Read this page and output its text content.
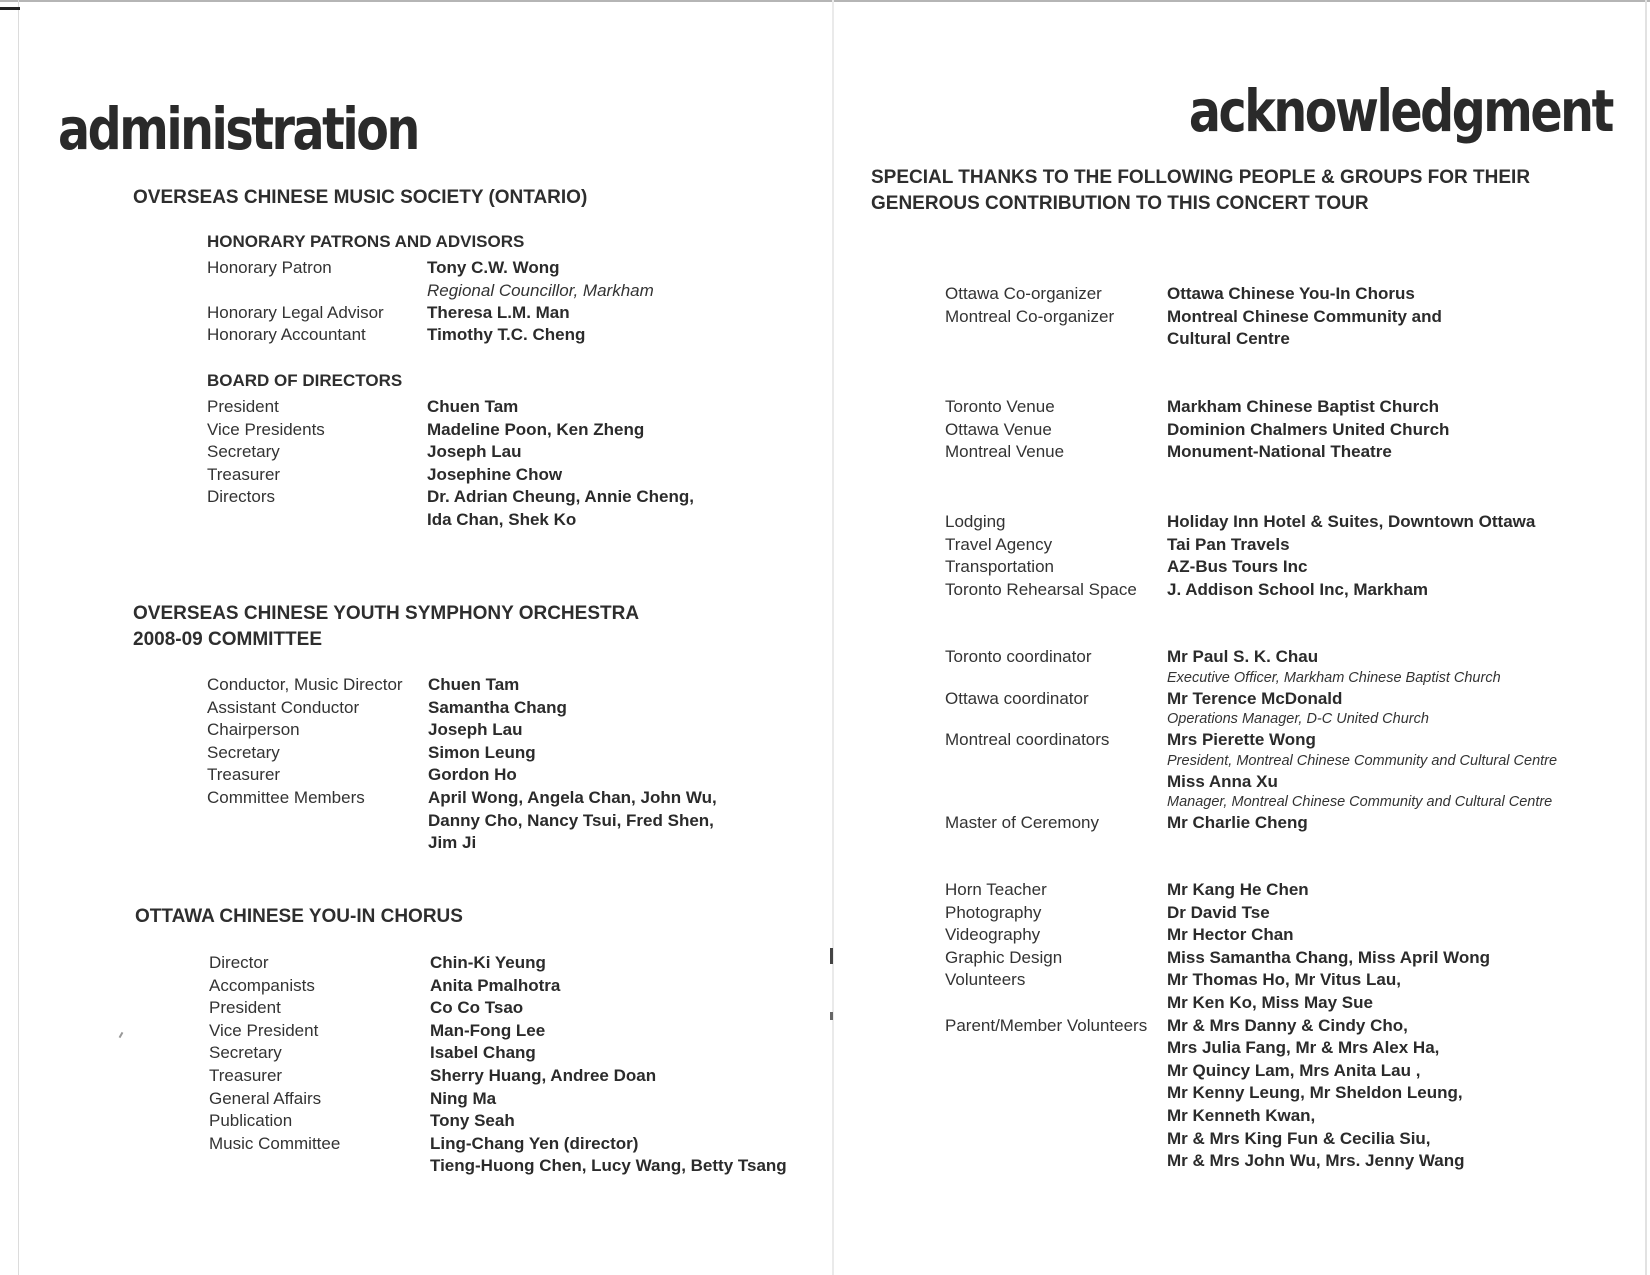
administration
OVERSEAS CHINESE MUSIC SOCIETY (ONTARIO)
HONORARY PATRONS AND ADVISORS
Honorary Patron	Tony C.W. Wong
Regional Councillor, Markham
Honorary Legal Advisor	Theresa L.M. Man
Honorary Accountant	Timothy T.C. Cheng
BOARD OF DIRECTORS
President	Chuen Tam
Vice Presidents	Madeline Poon, Ken Zheng
Secretary	Joseph Lau
Treasurer	Josephine Chow
Directors	Dr. Adrian Cheung, Annie Cheng,
Ida Chan, Shek Ko
OVERSEAS CHINESE YOUTH SYMPHONY ORCHESTRA
2008-09 COMMITTEE
Conductor, Music Director	Chuen Tam
Assistant Conductor	Samantha Chang
Chairperson	Joseph Lau
Secretary	Simon Leung
Treasurer	Gordon Ho
Committee Members	April Wong, Angela Chan, John Wu,
Danny Cho, Nancy Tsui, Fred Shen,
Jim Ji
OTTAWA CHINESE YOU-IN CHORUS
Director	Chin-Ki Yeung
Accompanists	Anita Pmalhotra
President	Co Co Tsao
Vice President	Man-Fong Lee
Secretary	Isabel Chang
Treasurer	Sherry Huang, Andree Doan
General Affairs	Ning Ma
Publication	Tony Seah
Music Committee	Ling-Chang Yen (director)
Tieng-Huong Chen, Lucy Wang, Betty Tsang
acknowledgment
SPECIAL THANKS TO THE FOLLOWING PEOPLE & GROUPS FOR THEIR
GENEROUS CONTRIBUTION TO THIS CONCERT TOUR
Ottawa Co-organizer	Ottawa Chinese You-In Chorus
Montreal Co-organizer	Montreal Chinese Community and
Cultural Centre
Toronto Venue	Markham Chinese Baptist Church
Ottawa Venue	Dominion Chalmers United Church
Montreal Venue	Monument-National Theatre
Lodging	Holiday Inn Hotel & Suites, Downtown Ottawa
Travel Agency	Tai Pan Travels
Transportation	AZ-Bus Tours Inc
Toronto Rehearsal Space	J. Addison School Inc, Markham
Toronto coordinator	Mr Paul S. K. Chau
Executive Officer, Markham Chinese Baptist Church
Ottawa coordinator	Mr Terence McDonald
Operations Manager, D-C United Church
Montreal coordinators	Mrs Pierette Wong
President, Montreal Chinese Community and Cultural Centre
Miss Anna Xu
Manager, Montreal Chinese Community and Cultural Centre
Master of Ceremony	Mr Charlie Cheng
Horn Teacher	Mr Kang He Chen
Photography	Dr David Tse
Videography	Mr Hector Chan
Graphic Design	Miss Samantha Chang, Miss April Wong
Volunteers	Mr Thomas Ho, Mr Vitus Lau,
Mr Ken Ko, Miss May Sue
Parent/Member Volunteers	Mr & Mrs Danny & Cindy Cho,
Mrs Julia Fang, Mr & Mrs Alex Ha,
Mr Quincy Lam, Mrs Anita Lau ,
Mr Kenny Leung, Mr Sheldon Leung,
Mr Kenneth Kwan,
Mr & Mrs King Fun & Cecilia Siu,
Mr & Mrs John Wu, Mrs. Jenny Wang
